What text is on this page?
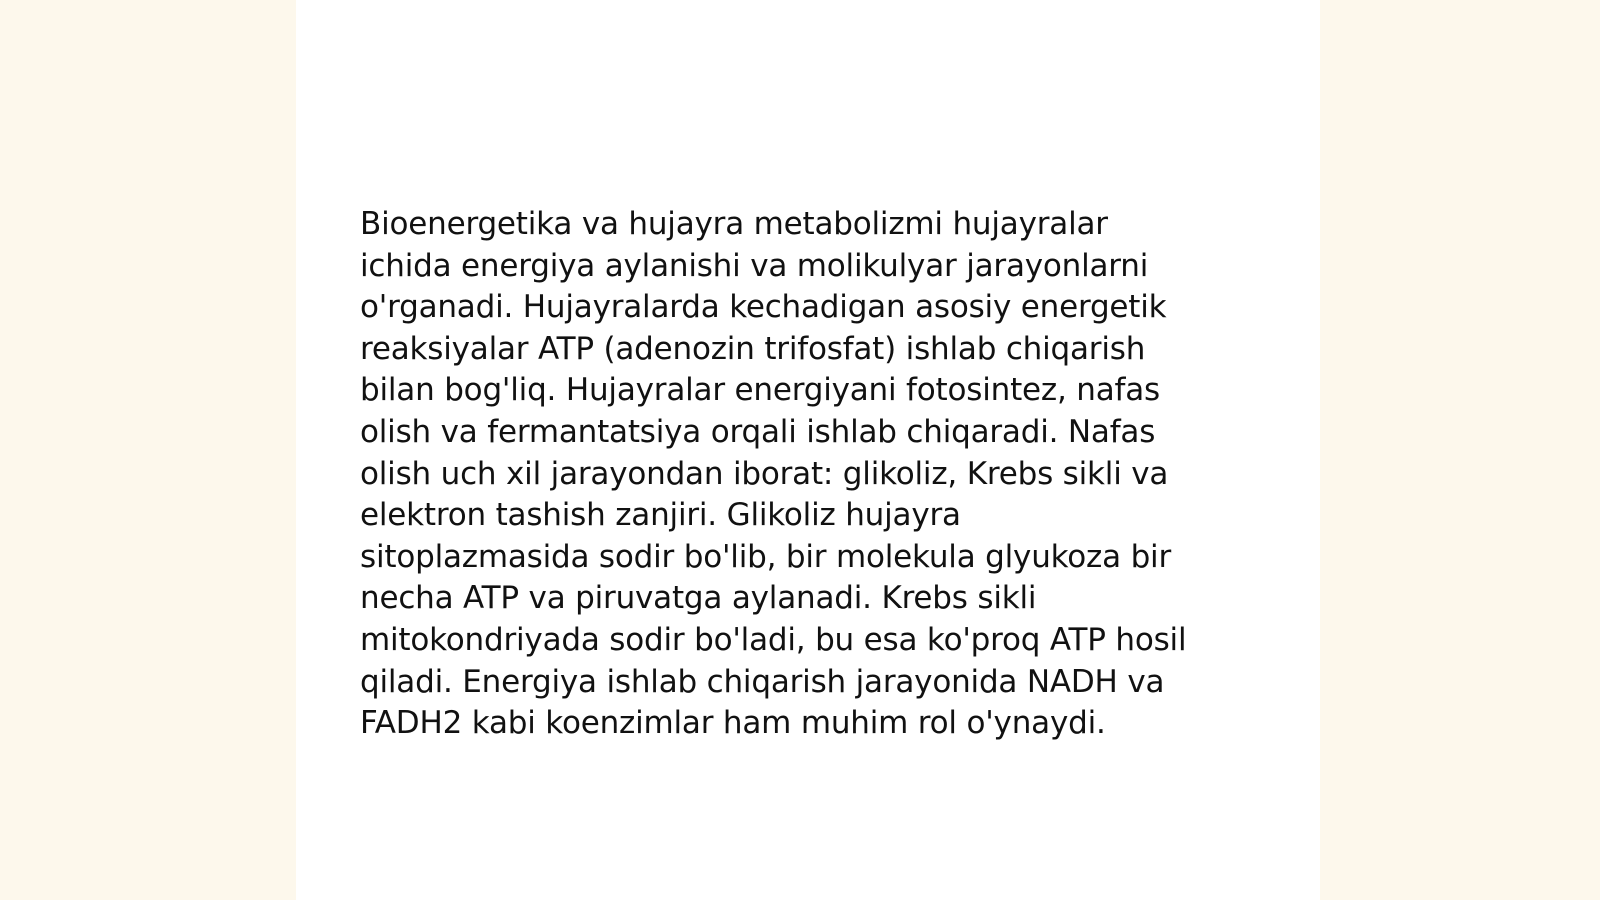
Bioenergetika va hujayra metabolizmi hujayralar
ichida energiya aylanishi va molikulyar jarayonlarni
o'rganadi. Hujayralarda kechadigan asosiy energetik
reaksiyalar ATP (adenozin trifosfat) ishlab chiqarish
bilan bog'liq. Hujayralar energiyani fotosintez, nafas
olish va fermantatsiya orqali ishlab chiqaradi. Nafas
olish uch xil jarayondan iborat: glikoliz, Krebs sikli va
elektron tashish zanjiri. Glikoliz hujayra
sitoplazmasida sodir bo'lib, bir molekula glyukoza bir
necha ATP va piruvatga aylanadi. Krebs sikli
mitokondriyada sodir bo'ladi, bu esa ko'proq ATP hosil
qiladi. Energiya ishlab chiqarish jarayonida NADH va
FADH2 kabi koenzimlar ham muhim rol o'ynaydi.
